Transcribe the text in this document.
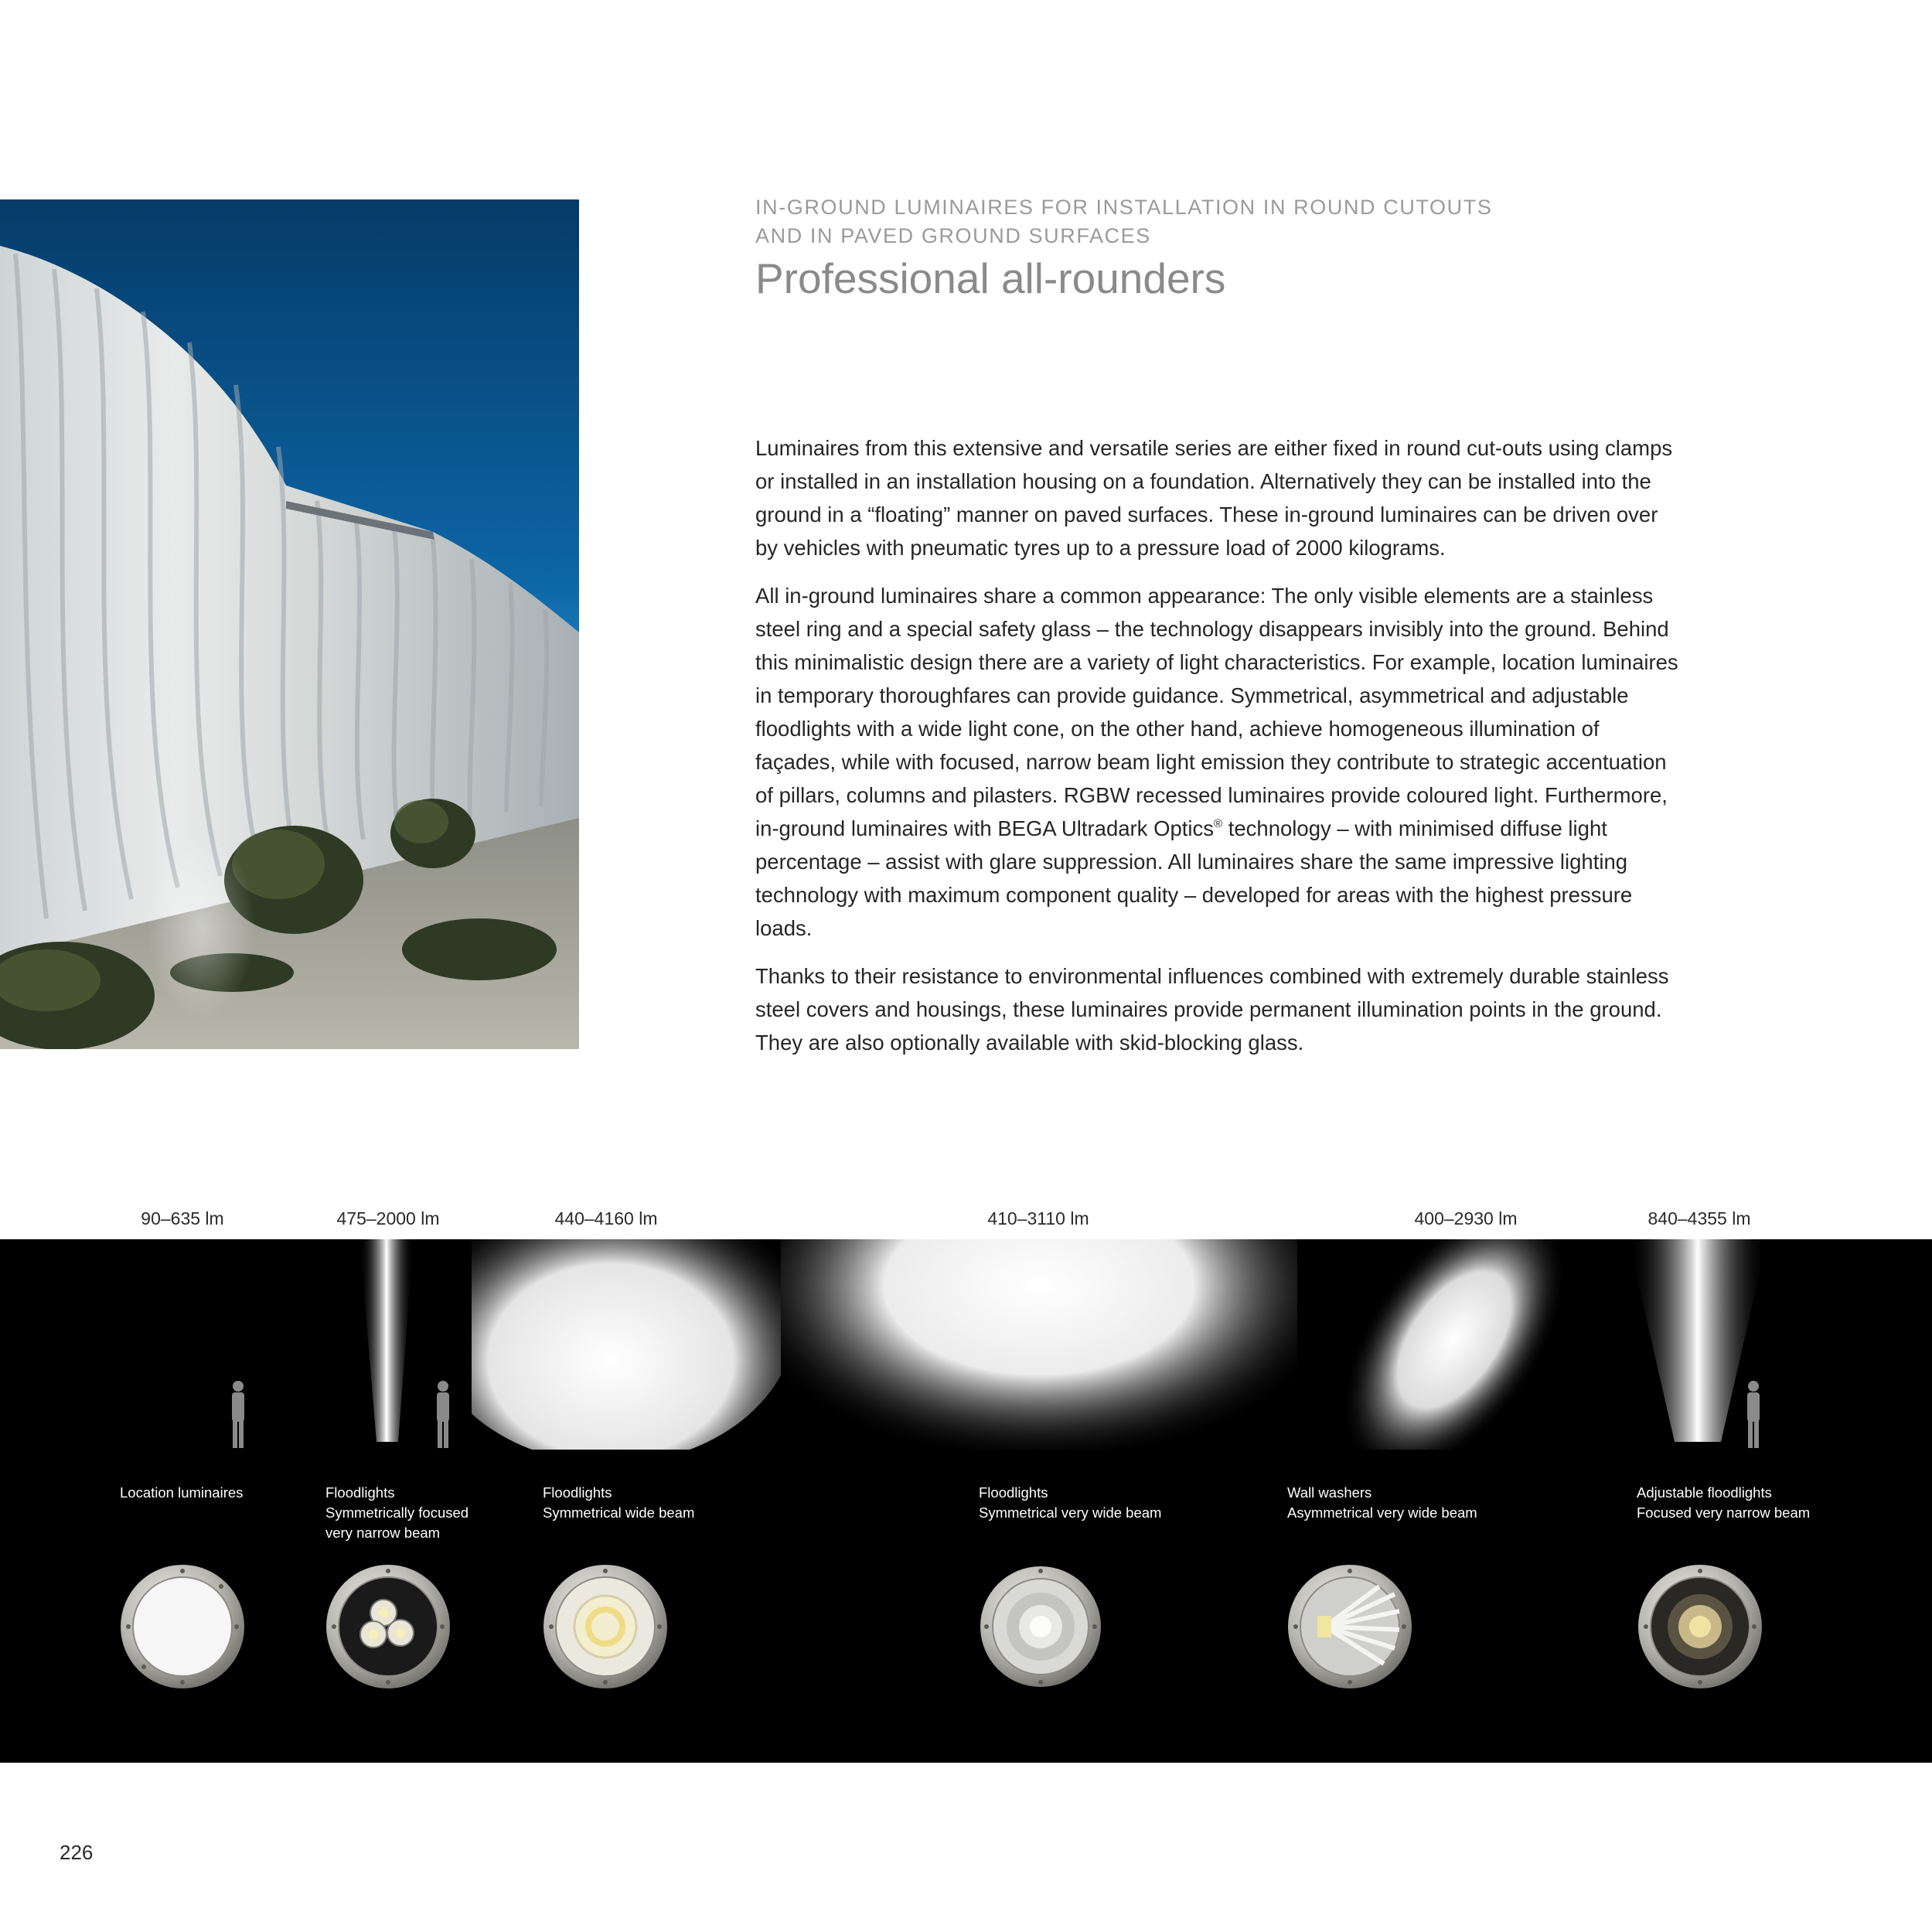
IN-GROUND LUMINAIRES FOR INSTALLATION IN ROUND CUTOUTS
AND IN PAVED GROUND SURFACES
Professional all-rounders

Luminaires from this extensive and versatile series are either fixed in round cut-outs using clamps
or installed in an installation housing on a foundation. Alternatively they can be installed into the
ground in a “floating” manner on paved surfaces. These in-ground luminaires can be driven over
by vehicles with pneumatic tyres up to a pressure load of 2000 kilograms.

All in-ground luminaires share a common appearance: The only visible elements are a stainless
steel ring and a special safety glass – the technology disappears invisibly into the ground. Behind
this minimalistic design there are a variety of light characteristics. For example, location luminaires
in temporary thoroughfares can provide guidance. Symmetrical, asymmetrical and adjustable
floodlights with a wide light cone, on the other hand, achieve homogeneous illumination of
façades, while with focused, narrow beam light emission they contribute to strategic accentuation
of pillars, columns and pilasters. RGBW recessed luminaires provide coloured light. Furthermore,
in-ground luminaires with BEGA Ultradark Optics® technology – with minimised diffuse light
percentage – assist with glare suppression. All luminaires share the same impressive lighting
technology with maximum component quality – developed for areas with the highest pressure
loads.

Thanks to their resistance to environmental influences combined with extremely durable stainless
steel covers and housings, these luminaires provide permanent illumination points in the ground.
They are also optionally available with skid-blocking glass.

90–635 lm	475–2000 lm	440–4160 lm	410–3110 lm	400–2930 lm	840–4355 lm
Location luminaires	Floodlights
Symmetrically focused
very narrow beam
Floodlights
Symmetrical wide beam
Floodlights
Symmetrical very wide beam
Wall washers
Asymmetrical very wide beam
Adjustable floodlights
Focused very narrow beam
226
